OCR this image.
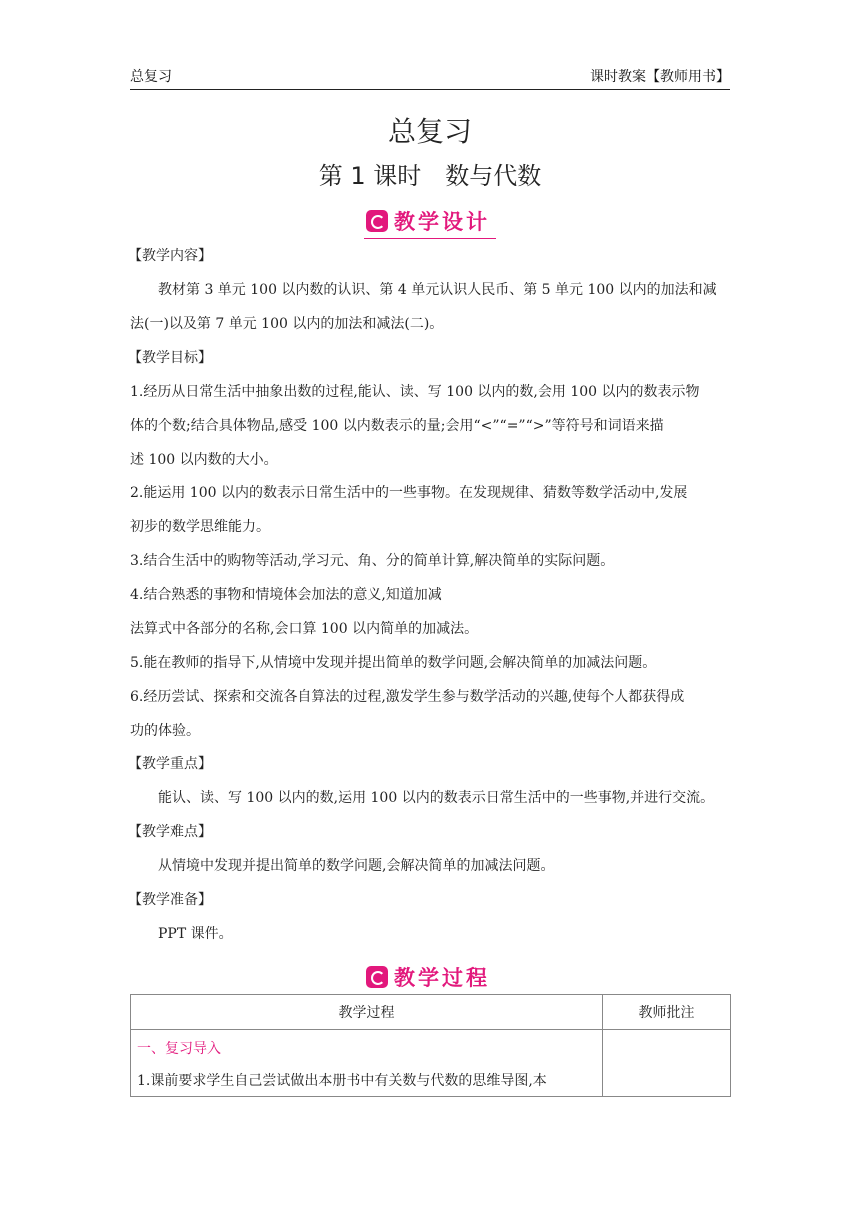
总复习	课时教案【教师用书】
总复习
第 1 课时　数与代数
教学设计
【教学内容】
教材第 3 单元 100 以内数的认识、第 4 单元认识人民币、第 5 单元 100 以内的加法和减
法(一)以及第 7 单元 100 以内的加法和减法(二)。
【教学目标】
1.经历从日常生活中抽象出数的过程,能认、读、写 100 以内的数,会用 100 以内的数表示物
体的个数;结合具体物品,感受 100 以内数表示的量;会用“<”“=”“>”等符号和词语来描
述 100 以内数的大小。
2.能运用 100 以内的数表示日常生活中的一些事物。在发现规律、猜数等数学活动中,发展
初步的数学思维能力。
3.结合生活中的购物等活动,学习元、角、分的简单计算,解决简单的实际问题。
4.结合熟悉的事物和情境体会加法的意义,知道加减
法算式中各部分的名称,会口算 100 以内简单的加减法。
5.能在教师的指导下,从情境中发现并提出简单的数学问题,会解决简单的加减法问题。
6.经历尝试、探索和交流各自算法的过程,激发学生参与数学活动的兴趣,使每个人都获得成
功的体验。
【教学重点】
能认、读、写 100 以内的数,运用 100 以内的数表示日常生活中的一些事物,并进行交流。
【教学难点】
从情境中发现并提出简单的数学问题,会解决简单的加减法问题。
【教学准备】
PPT 课件。
教学过程
教学过程	教师批注

一、复习导入
1.课前要求学生自己尝试做出本册书中有关数与代数的思维导图,本	
